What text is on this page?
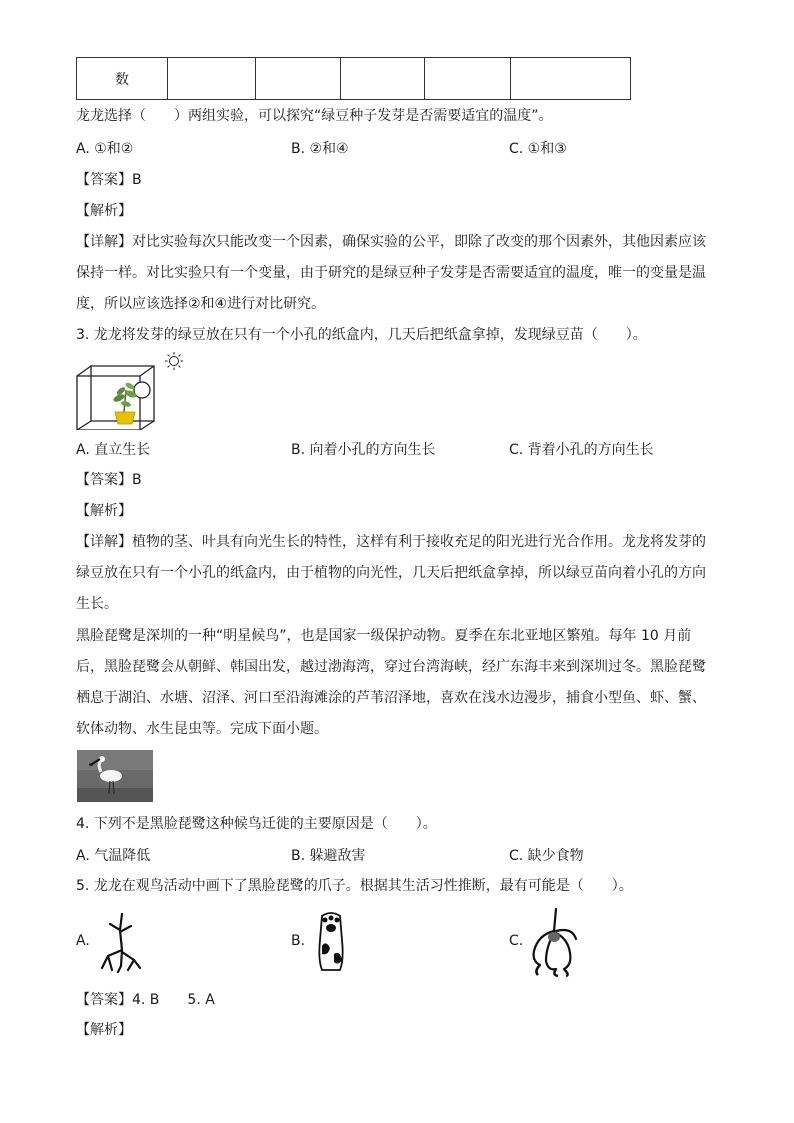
数					
龙龙选择（　　）两组实验，可以探究“绿豆种子发芽是否需要适宜的温度”。
A. ①和②	B. ②和④	C. ①和③
【答案】B
【解析】
【详解】对比实验每次只能改变一个因素，确保实验的公平，即除了改变的那个因素外，其他因素应该
保持一样。对比实验只有一个变量，由于研究的是绿豆种子发芽是否需要适宜的温度，唯一的变量是温
度，所以应该选择②和④进行对比研究。
3. 龙龙将发芽的绿豆放在只有一个小孔的纸盒内，几天后把纸盒拿掉，发现绿豆苗（　　）。
A. 直立生长	B. 向着小孔的方向生长	C. 背着小孔的方向生长
【答案】B
【解析】
【详解】植物的茎、叶具有向光生长的特性，这样有利于接收充足的阳光进行光合作用。龙龙将发芽的
绿豆放在只有一个小孔的纸盒内，由于植物的向光性，几天后把纸盒拿掉，所以绿豆苗向着小孔的方向
生长。
黑脸琵鹭是深圳的一种“明星候鸟”，也是国家一级保护动物。夏季在东北亚地区繁殖。每年 10 月前
后，黑脸琵鹭会从朝鲜、韩国出发，越过渤海湾，穿过台湾海峡，经广东海丰来到深圳过冬。黑脸琵鹭
栖息于湖泊、水塘、沼泽、河口至沿海滩涂的芦苇沼泽地，喜欢在浅水边漫步，捕食小型鱼、虾、蟹、
软体动物、水生昆虫等。完成下面小题。
4. 下列不是黑脸琵鹭这种候鸟迁徙的主要原因是（　　）。
A. 气温降低	B. 躲避敌害	C. 缺少食物
5. 龙龙在观鸟活动中画下了黑脸琵鹭的爪子。根据其生活习性推断，最有可能是（　　）。
A.	B.	C.
【答案】4. B　　5. A
【解析】
